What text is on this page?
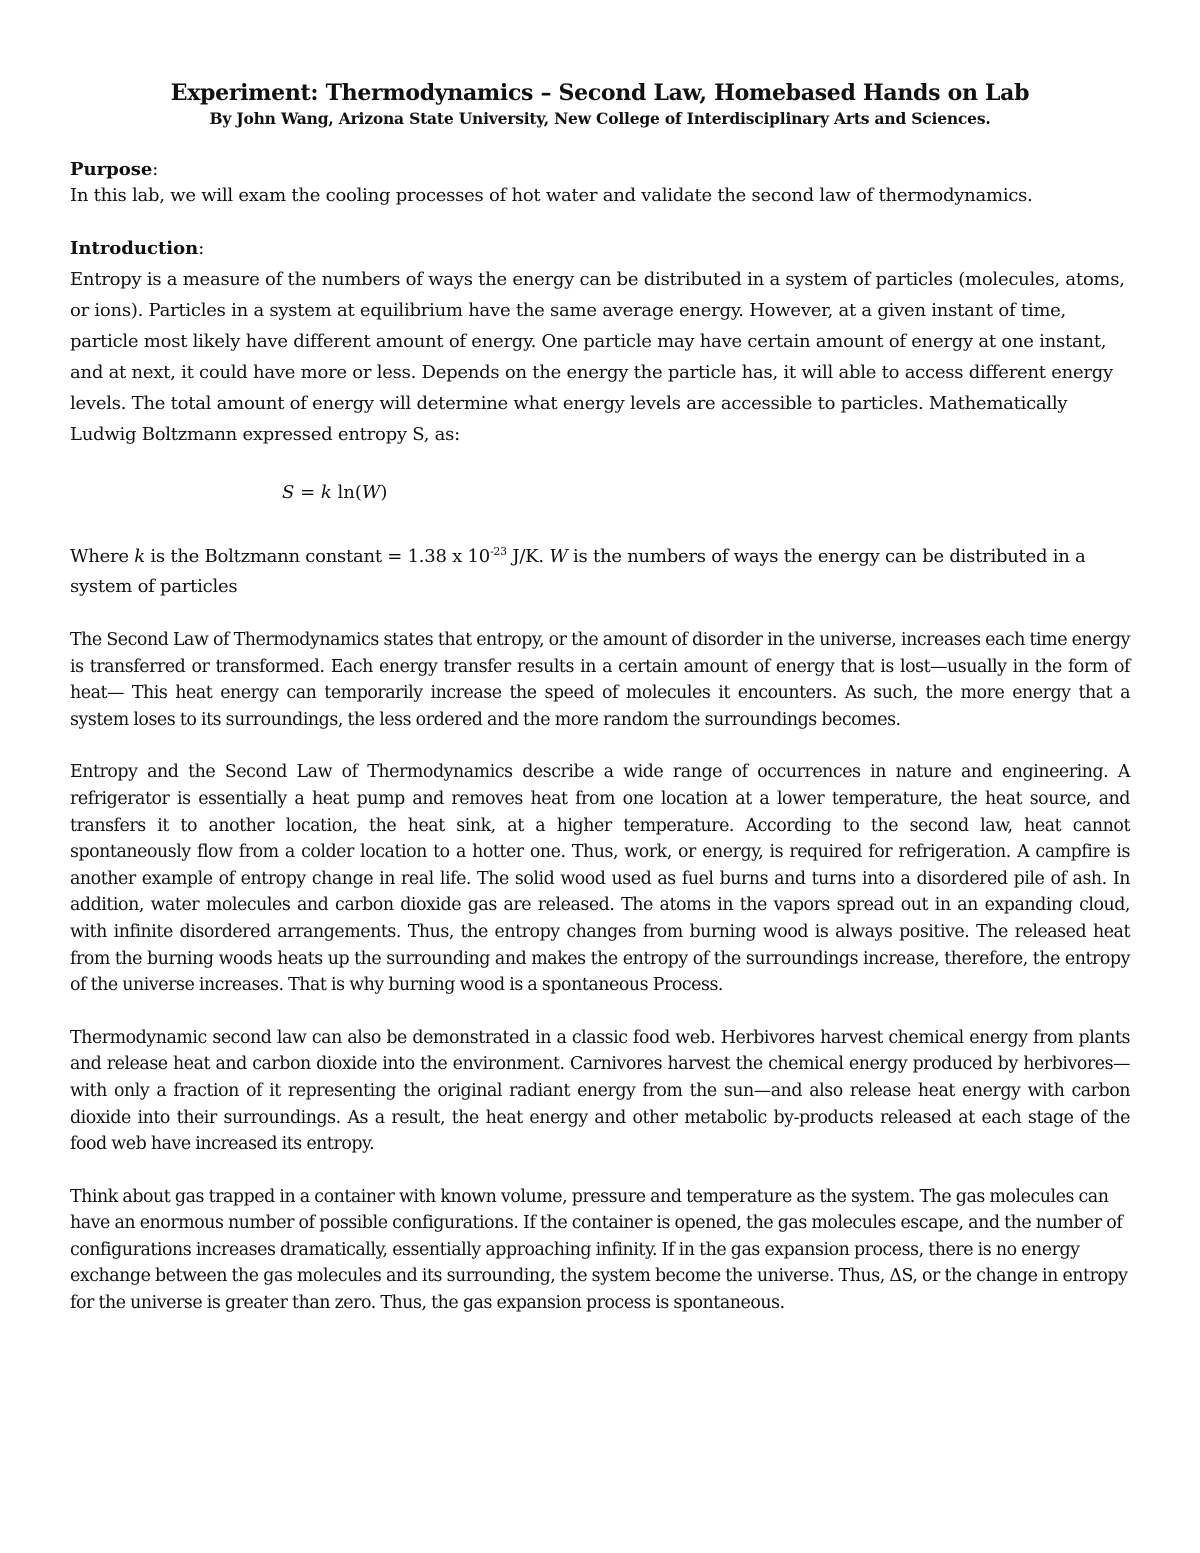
Experiment: Thermodynamics – Second Law, Homebased Hands on Lab

By John Wang, Arizona State University, New College of Interdisciplinary Arts and Sciences.

Purpose:

In this lab, we will exam the cooling processes of hot water and validate the second law of thermodynamics.

Introduction:

Entropy is a measure of the numbers of ways the energy can be distributed in a system of particles (molecules, atoms, or ions). Particles in a system at equilibrium have the same average energy. However, at a given instant of time, particle most likely have different amount of energy. One particle may have certain amount of energy at one instant, and at next, it could have more or less. Depends on the energy the particle has, it will able to access different energy levels. The total amount of energy will determine what energy levels are accessible to particles. Mathematically Ludwig Boltzmann expressed entropy S, as:

S = k ln(W)

Where k is the Boltzmann constant = 1.38 x $10^{-23}$ J/K. W is the numbers of ways the energy can be distributed in a system of particles

The Second Law of Thermodynamics states that entropy, or the amount of disorder in the universe, increases each time energy is transferred or transformed. Each energy transfer results in a certain amount of energy that is lost—usually in the form of heat— This heat energy can temporarily increase the speed of molecules it encounters. As such, the more energy that a system loses to its surroundings, the less ordered and the more random the surroundings becomes.

Entropy and the Second Law of Thermodynamics describe a wide range of occurrences in nature and engineering. A refrigerator is essentially a heat pump and removes heat from one location at a lower temperature, the heat source, and transfers it to another location, the heat sink, at a higher temperature. According to the second law, heat cannot spontaneously flow from a colder location to a hotter one. Thus, work, or energy, is required for refrigeration. A campfire is another example of entropy change in real life. The solid wood used as fuel burns and turns into a disordered pile of ash. In addition, water molecules and carbon dioxide gas are released. The atoms in the vapors spread out in an expanding cloud, with infinite disordered arrangements. Thus, the entropy changes from burning wood is always positive. The released heat from the burning woods heats up the surrounding and makes the entropy of the surroundings increase, therefore, the entropy of the universe increases. That is why burning wood is a spontaneous Process.

Thermodynamic second law can also be demonstrated in a classic food web. Herbivores harvest chemical energy from plants and release heat and carbon dioxide into the environment. Carnivores harvest the chemical energy produced by herbivores—with only a fraction of it representing the original radiant energy from the sun—and also release heat energy with carbon dioxide into their surroundings. As a result, the heat energy and other metabolic by-products released at each stage of the food web have increased its entropy.

Think about gas trapped in a container with known volume, pressure and temperature as the system. The gas molecules can have an enormous number of possible configurations. If the container is opened, the gas molecules escape, and the number of configurations increases dramatically, essentially approaching infinity. If in the gas expansion process, there is no energy exchange between the gas molecules and its surrounding, the system become the universe. Thus, ΔS, or the change in entropy for the universe is greater than zero. Thus, the gas expansion process is spontaneous.
